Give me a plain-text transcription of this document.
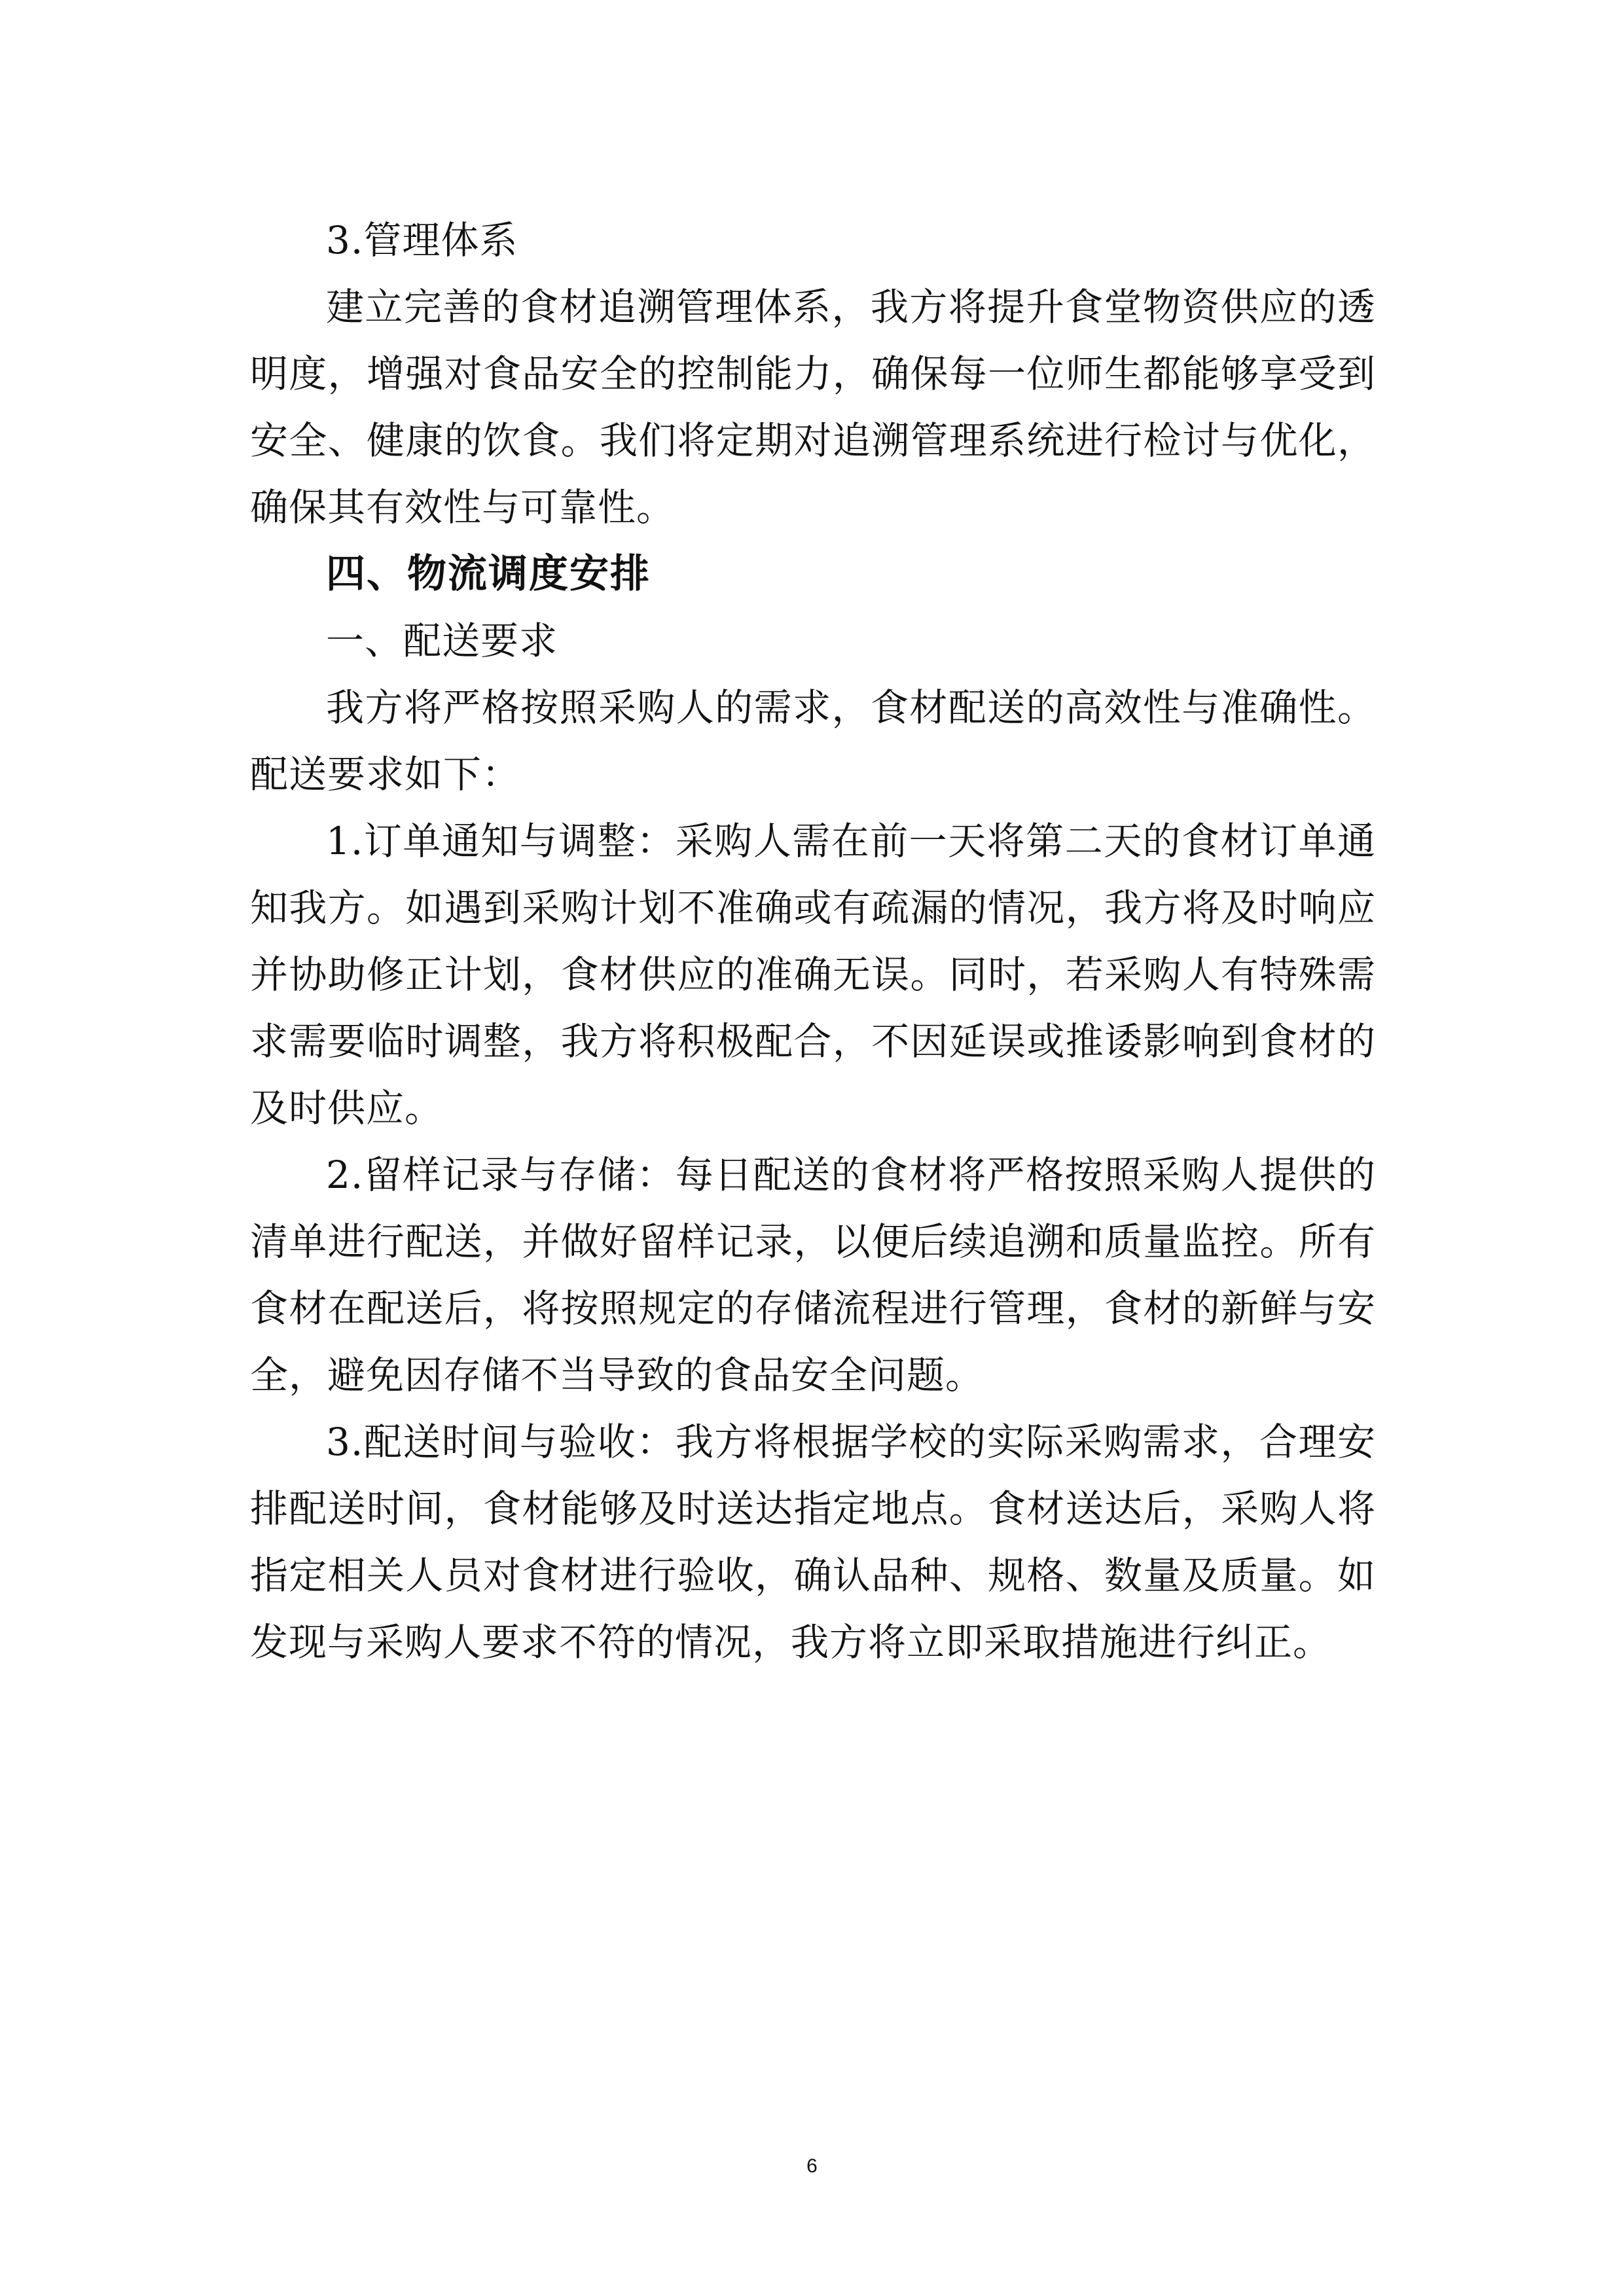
3.管理体系

建立完善的食材追溯管理体系，我方将提升食堂物资供应的透明度，增强对食品安全的控制能力，确保每一位师生都能够享受到安全、健康的饮食。我们将定期对追溯管理系统进行检讨与优化，确保其有效性与可靠性。

四、物流调度安排

一、配送要求

我方将严格按照采购人的需求，食材配送的高效性与准确性。配送要求如下：

1.订单通知与调整：采购人需在前一天将第二天的食材订单通知我方。如遇到采购计划不准确或有疏漏的情况，我方将及时响应并协助修正计划，食材供应的准确无误。同时，若采购人有特殊需求需要临时调整，我方将积极配合，不因延误或推诿影响到食材的及时供应。

2.留样记录与存储：每日配送的食材将严格按照采购人提供的清单进行配送，并做好留样记录，以便后续追溯和质量监控。所有食材在配送后，将按照规定的存储流程进行管理，食材的新鲜与安全，避免因存储不当导致的食品安全问题。

3.配送时间与验收：我方将根据学校的实际采购需求，合理安排配送时间，食材能够及时送达指定地点。食材送达后，采购人将指定相关人员对食材进行验收，确认品种、规格、数量及质量。如发现与采购人要求不符的情况，我方将立即采取措施进行纠正。

6
